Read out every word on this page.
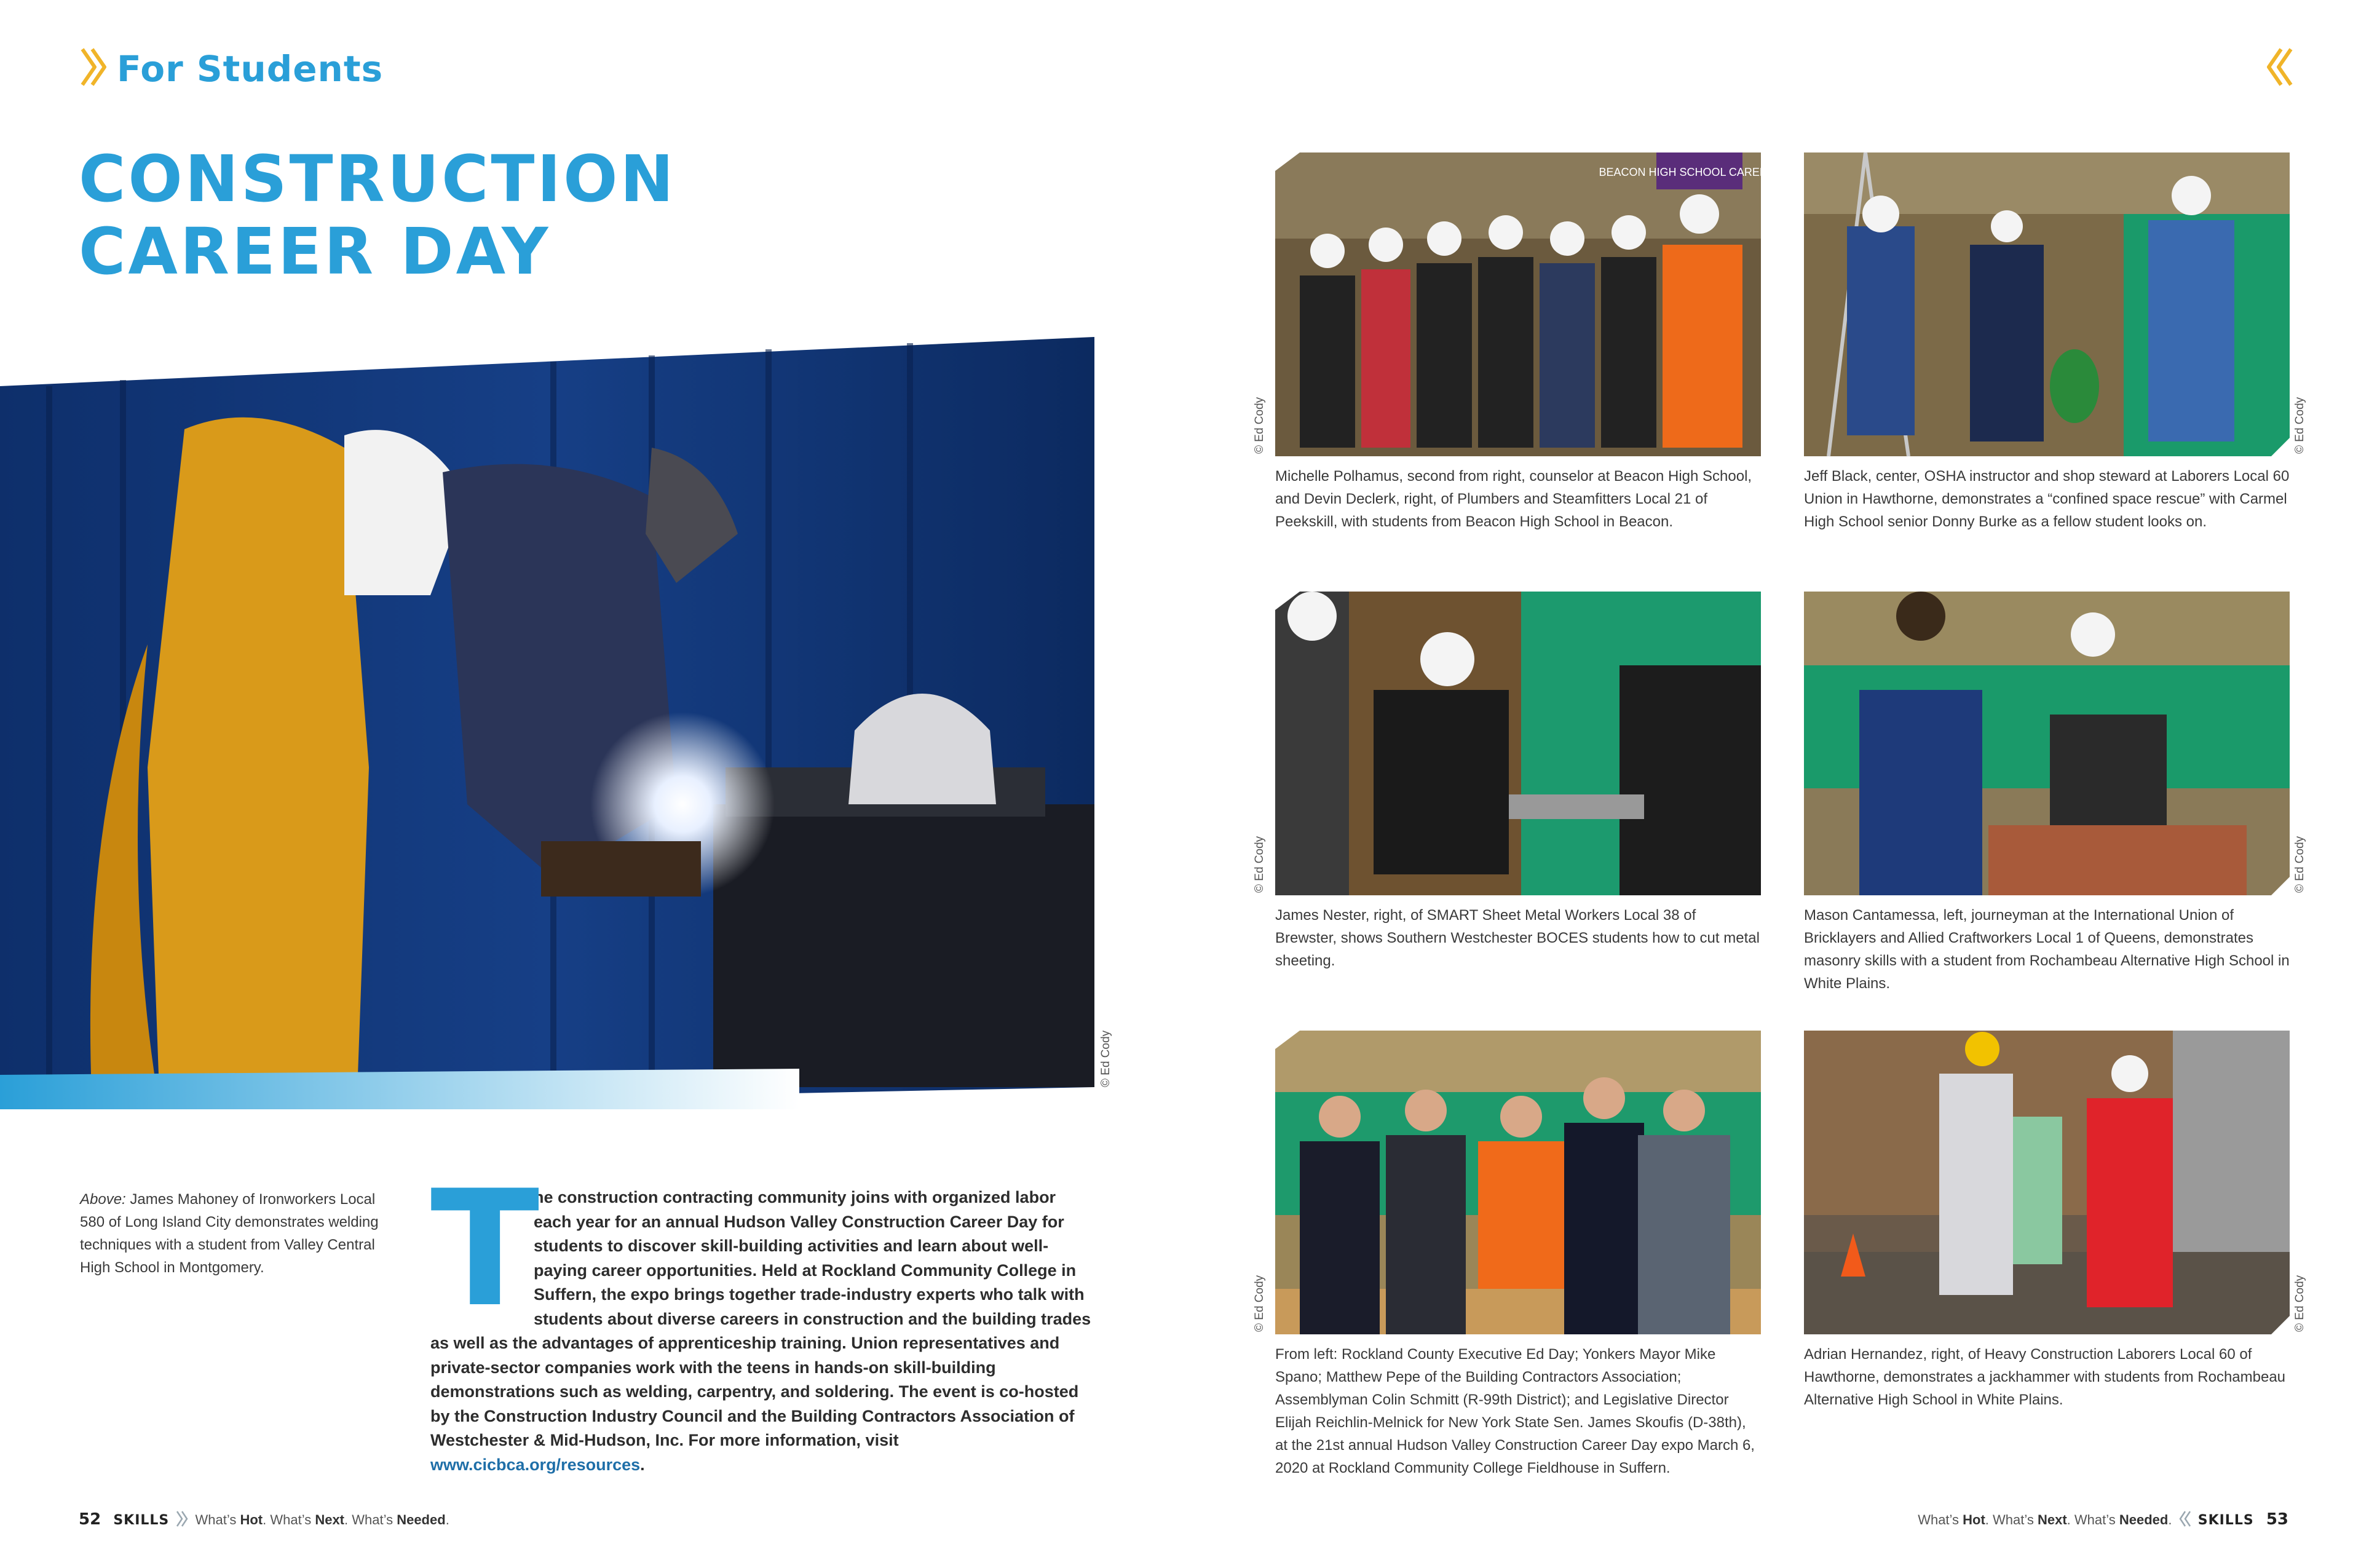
For Students
CONSTRUCTION
CAREER DAY
© Ed Cody
Above: James Mahoney of Ironworkers Local 580 of Long Island City demonstrates welding techniques with a student from Valley Central High School in Montgomery.	T
he construction contracting community joins with organized labor each year for an annual Hudson Valley Construction Career Day for students to discover skill-building activities and learn about well-paying career opportunities. Held at Rockland Community College in Suffern, the expo brings together trade-industry experts who talk with students about diverse careers in construction and the building trades as well as the advantages of apprenticeship training. Union representatives and private-sector companies work with the teens in hands-on skill-building demonstrations such as welding, carpentry, and soldering. The event is co-hosted by the Construction Industry Council and the Building Contractors Association of Westchester & Mid-Hudson, Inc. For more information, visit www.cicbca.org/resources.
BEACON HIGH SCHOOL CAREER DAY
© Ed Cody
Michelle Polhamus, second from right, counselor at Beacon High School, and Devin Declerk, right, of Plumbers and Steamfitters Local 21 of Peekskill, with students from Beacon High School in Beacon.
© Ed Cody
Jeff Black, center, OSHA instructor and shop steward at Laborers Local 60 Union in Hawthorne, demonstrates a “confined space rescue” with Carmel High School senior Donny Burke as a fellow student looks on.
© Ed Cody
James Nester, right, of SMART Sheet Metal Workers Local 38 of Brewster, shows Southern Westchester BOCES students how to cut metal sheeting.
© Ed Cody
Mason Cantamessa, left, journeyman at the International Union of Bricklayers and Allied Craftworkers Local 1 of Queens, demonstrates masonry skills with a student from Rochambeau Alternative High School in White Plains.
© Ed Cody
From left: Rockland County Executive Ed Day; Yonkers Mayor Mike Spano; Matthew Pepe of the Building Contractors Association; Assemblyman Colin Schmitt (R-99th District); and Legislative Director Elijah Reichlin-Melnick for New York State Sen. James Skoufis (D-38th), at the 21st annual Hudson Valley Construction Career Day expo March 6, 2020 at Rockland Community College Fieldhouse in Suffern.
© Ed Cody
Adrian Hernandez, right, of Heavy Construction Laborers Local 60 of Hawthorne, demonstrates a jackhammer with students from Rochambeau Alternative High School in White Plains.
52 SKILLS What’s Hot. What’s Next. What’s Needed.	What’s Hot. What’s Next. What’s Needed. SKILLS 53
